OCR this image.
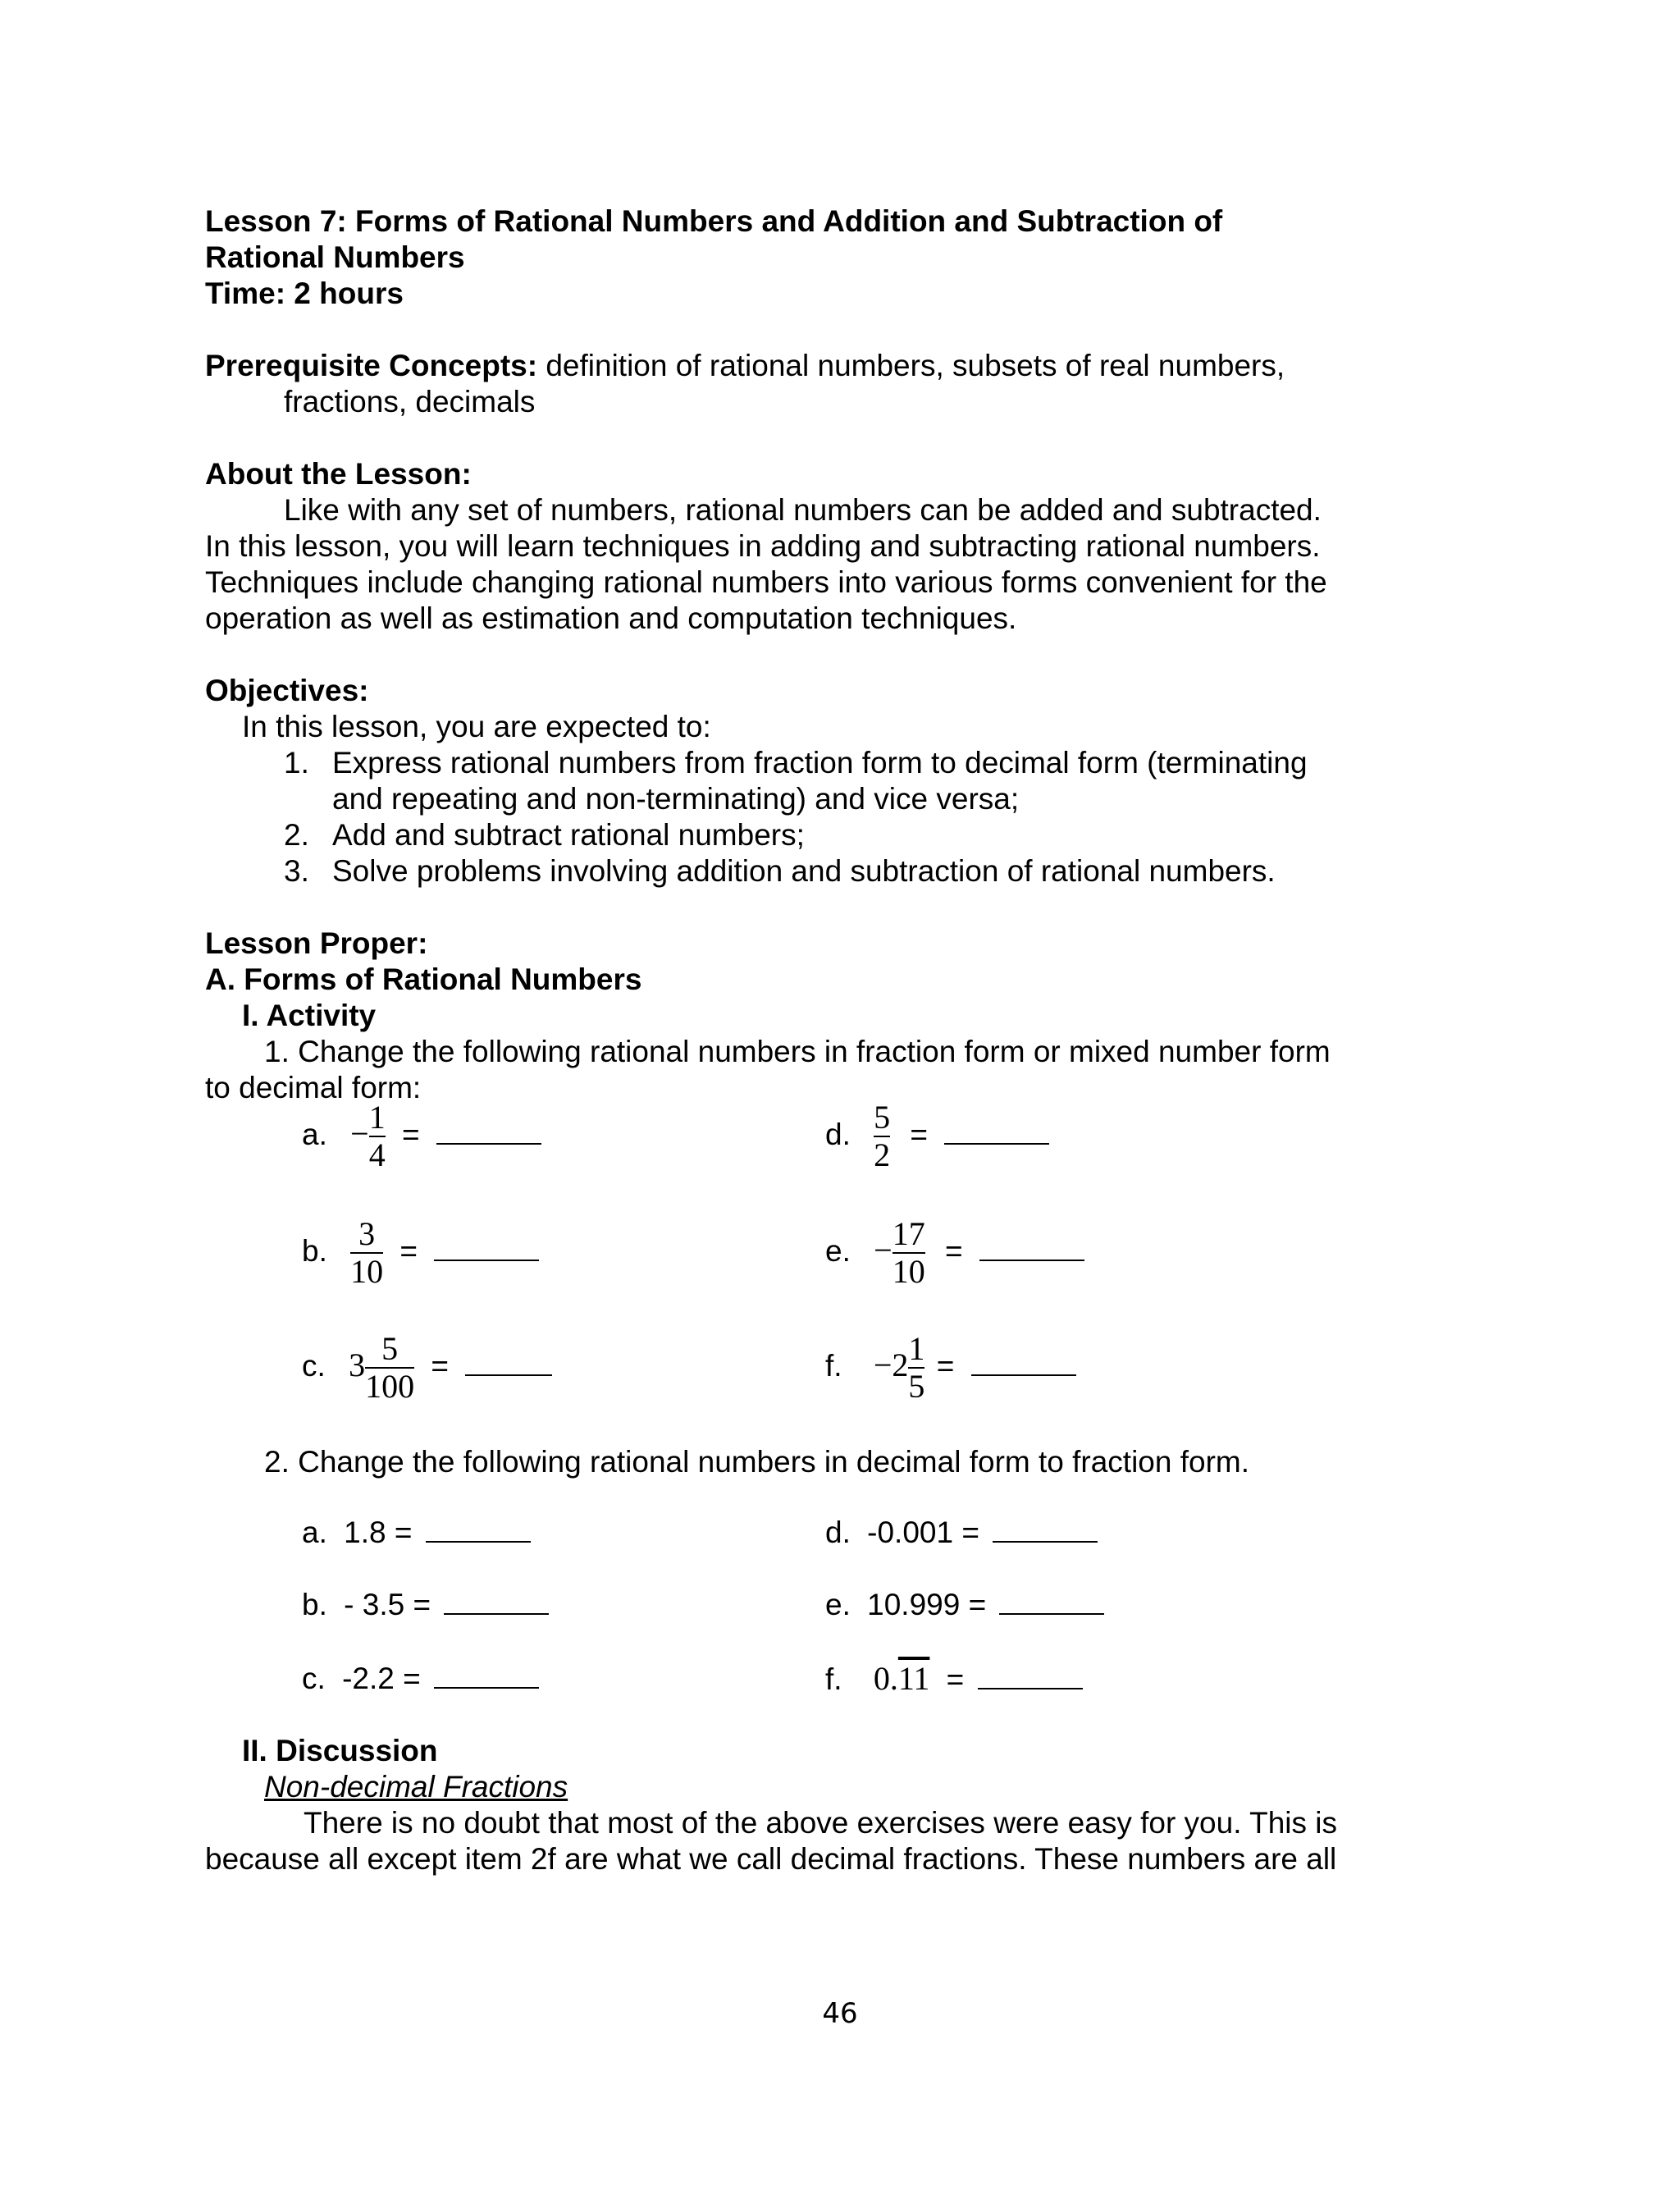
Lesson 7: Forms of Rational Numbers and Addition and Subtraction of

Rational Numbers

Time: 2 hours

Prerequisite Concepts: definition of rational numbers, subsets of real numbers,

fractions, decimals

About the Lesson:

Like with any set of numbers, rational numbers can be added and subtracted.

In this lesson, you will learn techniques in adding and subtracting rational numbers.

Techniques include changing rational numbers into various forms convenient for the

operation as well as estimation and computation techniques.

Objectives:

In this lesson, you are expected to:

1. Express rational numbers from fraction form to decimal form (terminating
and repeating and non-terminating) and vice versa;
2. Add and subtract rational numbers;
3. Solve problems involving addition and subtraction of rational numbers.

Lesson Proper:

A. Forms of Rational Numbers

I. Activity

1. Change the following rational numbers in fraction form or mixed number form

to decimal form:

a. − $\frac{1}{4}$ =
b. $\frac{3}{10}$ =
c. $3 \frac{5}{100}$ =
d. $\frac{5}{2}$ =
e. − $\frac{17}{10}$ =
f. $-2 \frac{1}{5}$ =

2. Change the following rational numbers in decimal form to fraction form.

a. 1.8 =
b. - 3.5 =
c. -2.2 =
d. -0.001 =
e. 10.999 =
f. 0.11 =

II. Discussion

Non-decimal Fractions

There is no doubt that most of the above exercises were easy for you. This is

because all except item 2f are what we call decimal fractions. These numbers are all

46
